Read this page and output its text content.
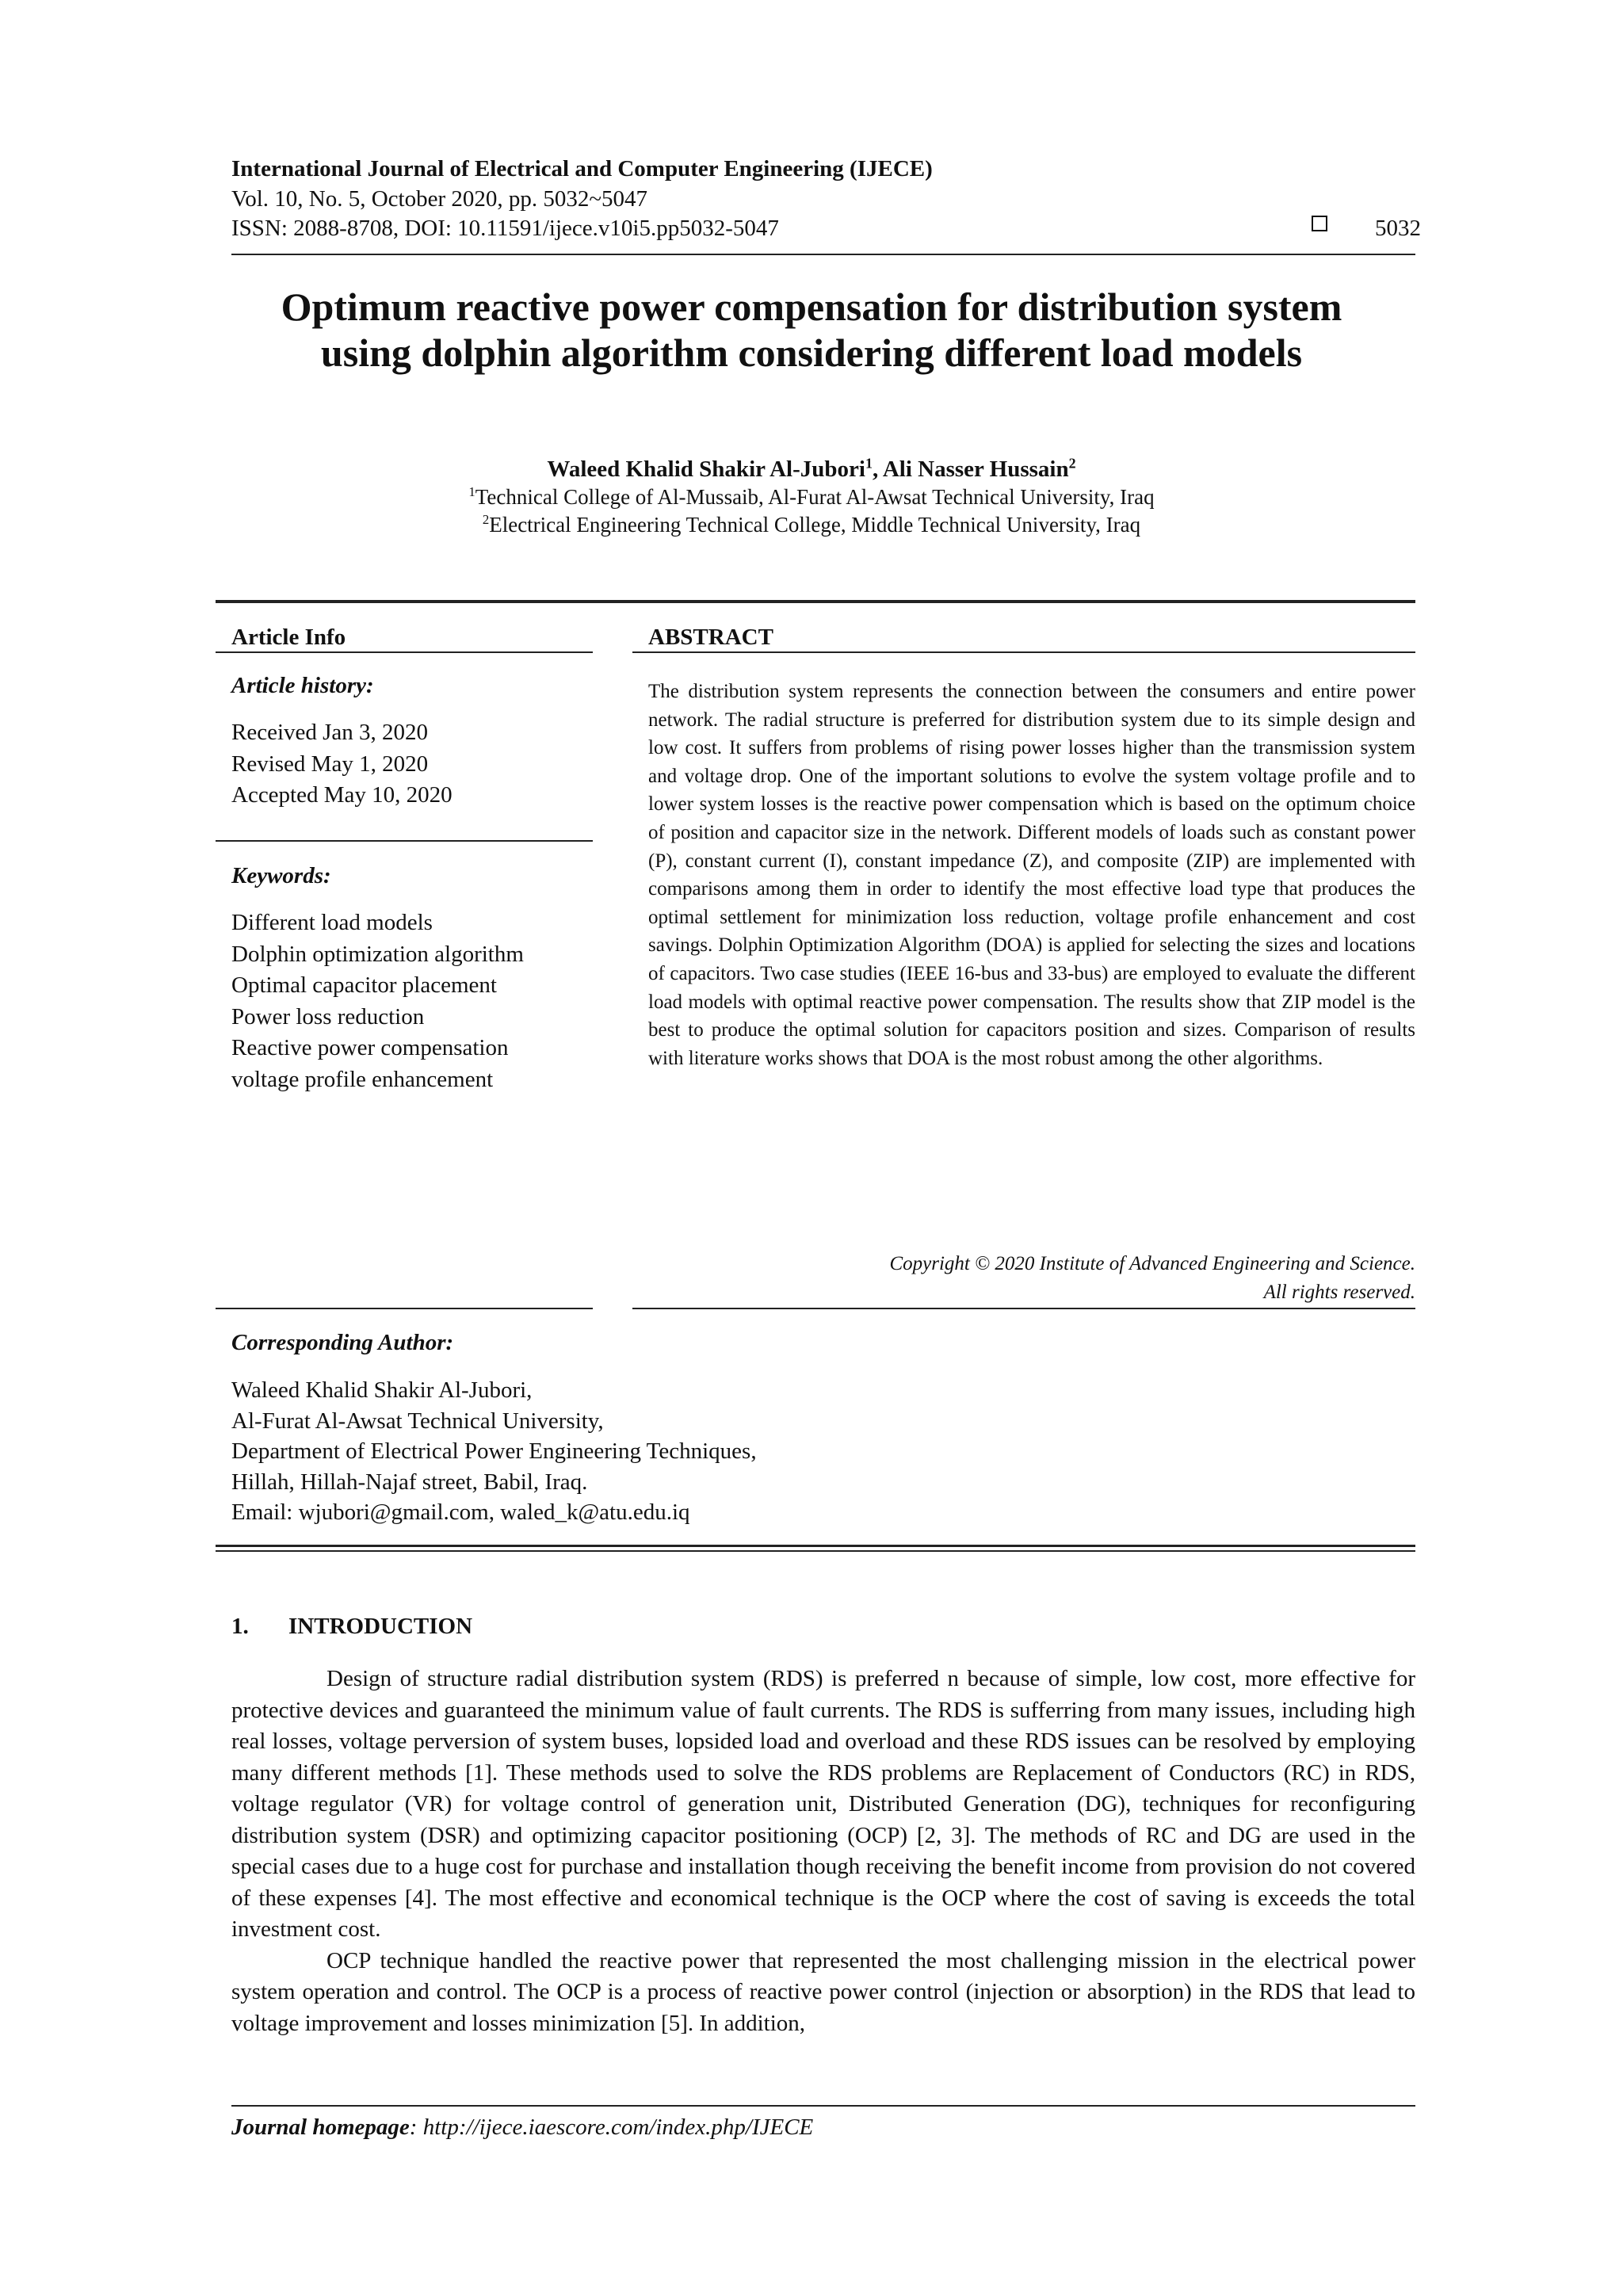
International Journal of Electrical and Computer Engineering (IJECE)
Vol. 10, No. 5, October 2020, pp. 5032~5047
ISSN: 2088-8708, DOI: 10.11591/ijece.v10i5.pp5032-5047	5032
Optimum reactive power compensation for distribution system
using dolphin algorithm considering different load models
Waleed Khalid Shakir Al-Jubori$^1$, Ali Nasser Hussain$^2$
$^1$Technical College of Al-Mussaib, Al-Furat Al-Awsat Technical University, Iraq
$^2$Electrical Engineering Technical College, Middle Technical University, Iraq
Article Info
Article history:
Received Jan 3, 2020
Revised May 1, 2020
Accepted May 10, 2020
Keywords:
Different load models
Dolphin optimization algorithm
Optimal capacitor placement
Power loss reduction
Reactive power compensation
voltage profile enhancement
ABSTRACT
The distribution system represents the connection between the consumers and entire power network. The radial structure is preferred for distribution system due to its simple design and low cost. It suffers from problems of rising power losses higher than the transmission system and voltage drop. One of the important solutions to evolve the system voltage profile and to lower system losses is the reactive power compensation which is based on the optimum choice of position and capacitor size in the network. Different models of loads such as constant power (P), constant current (I), constant impedance (Z), and composite (ZIP) are implemented with comparisons among them in order to identify the most effective load type that produces the optimal settlement for minimization loss reduction, voltage profile enhancement and cost savings. Dolphin Optimization Algorithm (DOA) is applied for selecting the sizes and locations of capacitors. Two case studies (IEEE 16-bus and 33-bus) are employed to evaluate the different load models with optimal reactive power compensation. The results show that ZIP model is the best to produce the optimal solution for capacitors position and sizes. Comparison of results with literature works shows that DOA is the most robust among the other algorithms.
Copyright © 2020 Institute of Advanced Engineering and Science.
All rights reserved.
Corresponding Author:
Waleed Khalid Shakir Al-Jubori,
Al-Furat Al-Awsat Technical University,
Department of Electrical Power Engineering Techniques,
Hillah, Hillah-Najaf street, Babil, Iraq.
Email: wjubori@gmail.com, waled_k@atu.edu.iq
1. INTRODUCTION

Design of structure radial distribution system (RDS) is preferred n because of simple, low cost, more effective for protective devices and guaranteed the minimum value of fault currents. The RDS is sufferring from many issues, including high real losses, voltage perversion of system buses, lopsided load and overload and these RDS issues can be resolved by employing many different methods [1]. These methods used to solve the RDS problems are Replacement of Conductors (RC) in RDS, voltage regulator (VR) for voltage control of generation unit, Distributed Generation (DG), techniques for reconfiguring distribution system (DSR) and optimizing capacitor positioning (OCP) [2, 3]. The methods of RC and DG are used in the special cases due to a huge cost for purchase and installation though receiving the benefit income from provision do not covered of these expenses [4]. The most effective and economical technique is the OCP where the cost of saving is exceeds the total investment cost.

OCP technique handled the reactive power that represented the most challenging mission in the electrical power system operation and control. The OCP is a process of reactive power control (injection or absorption) in the RDS that lead to voltage improvement and losses minimization [5]. In addition,

Journal homepage: http://ijece.iaescore.com/index.php/IJECE
